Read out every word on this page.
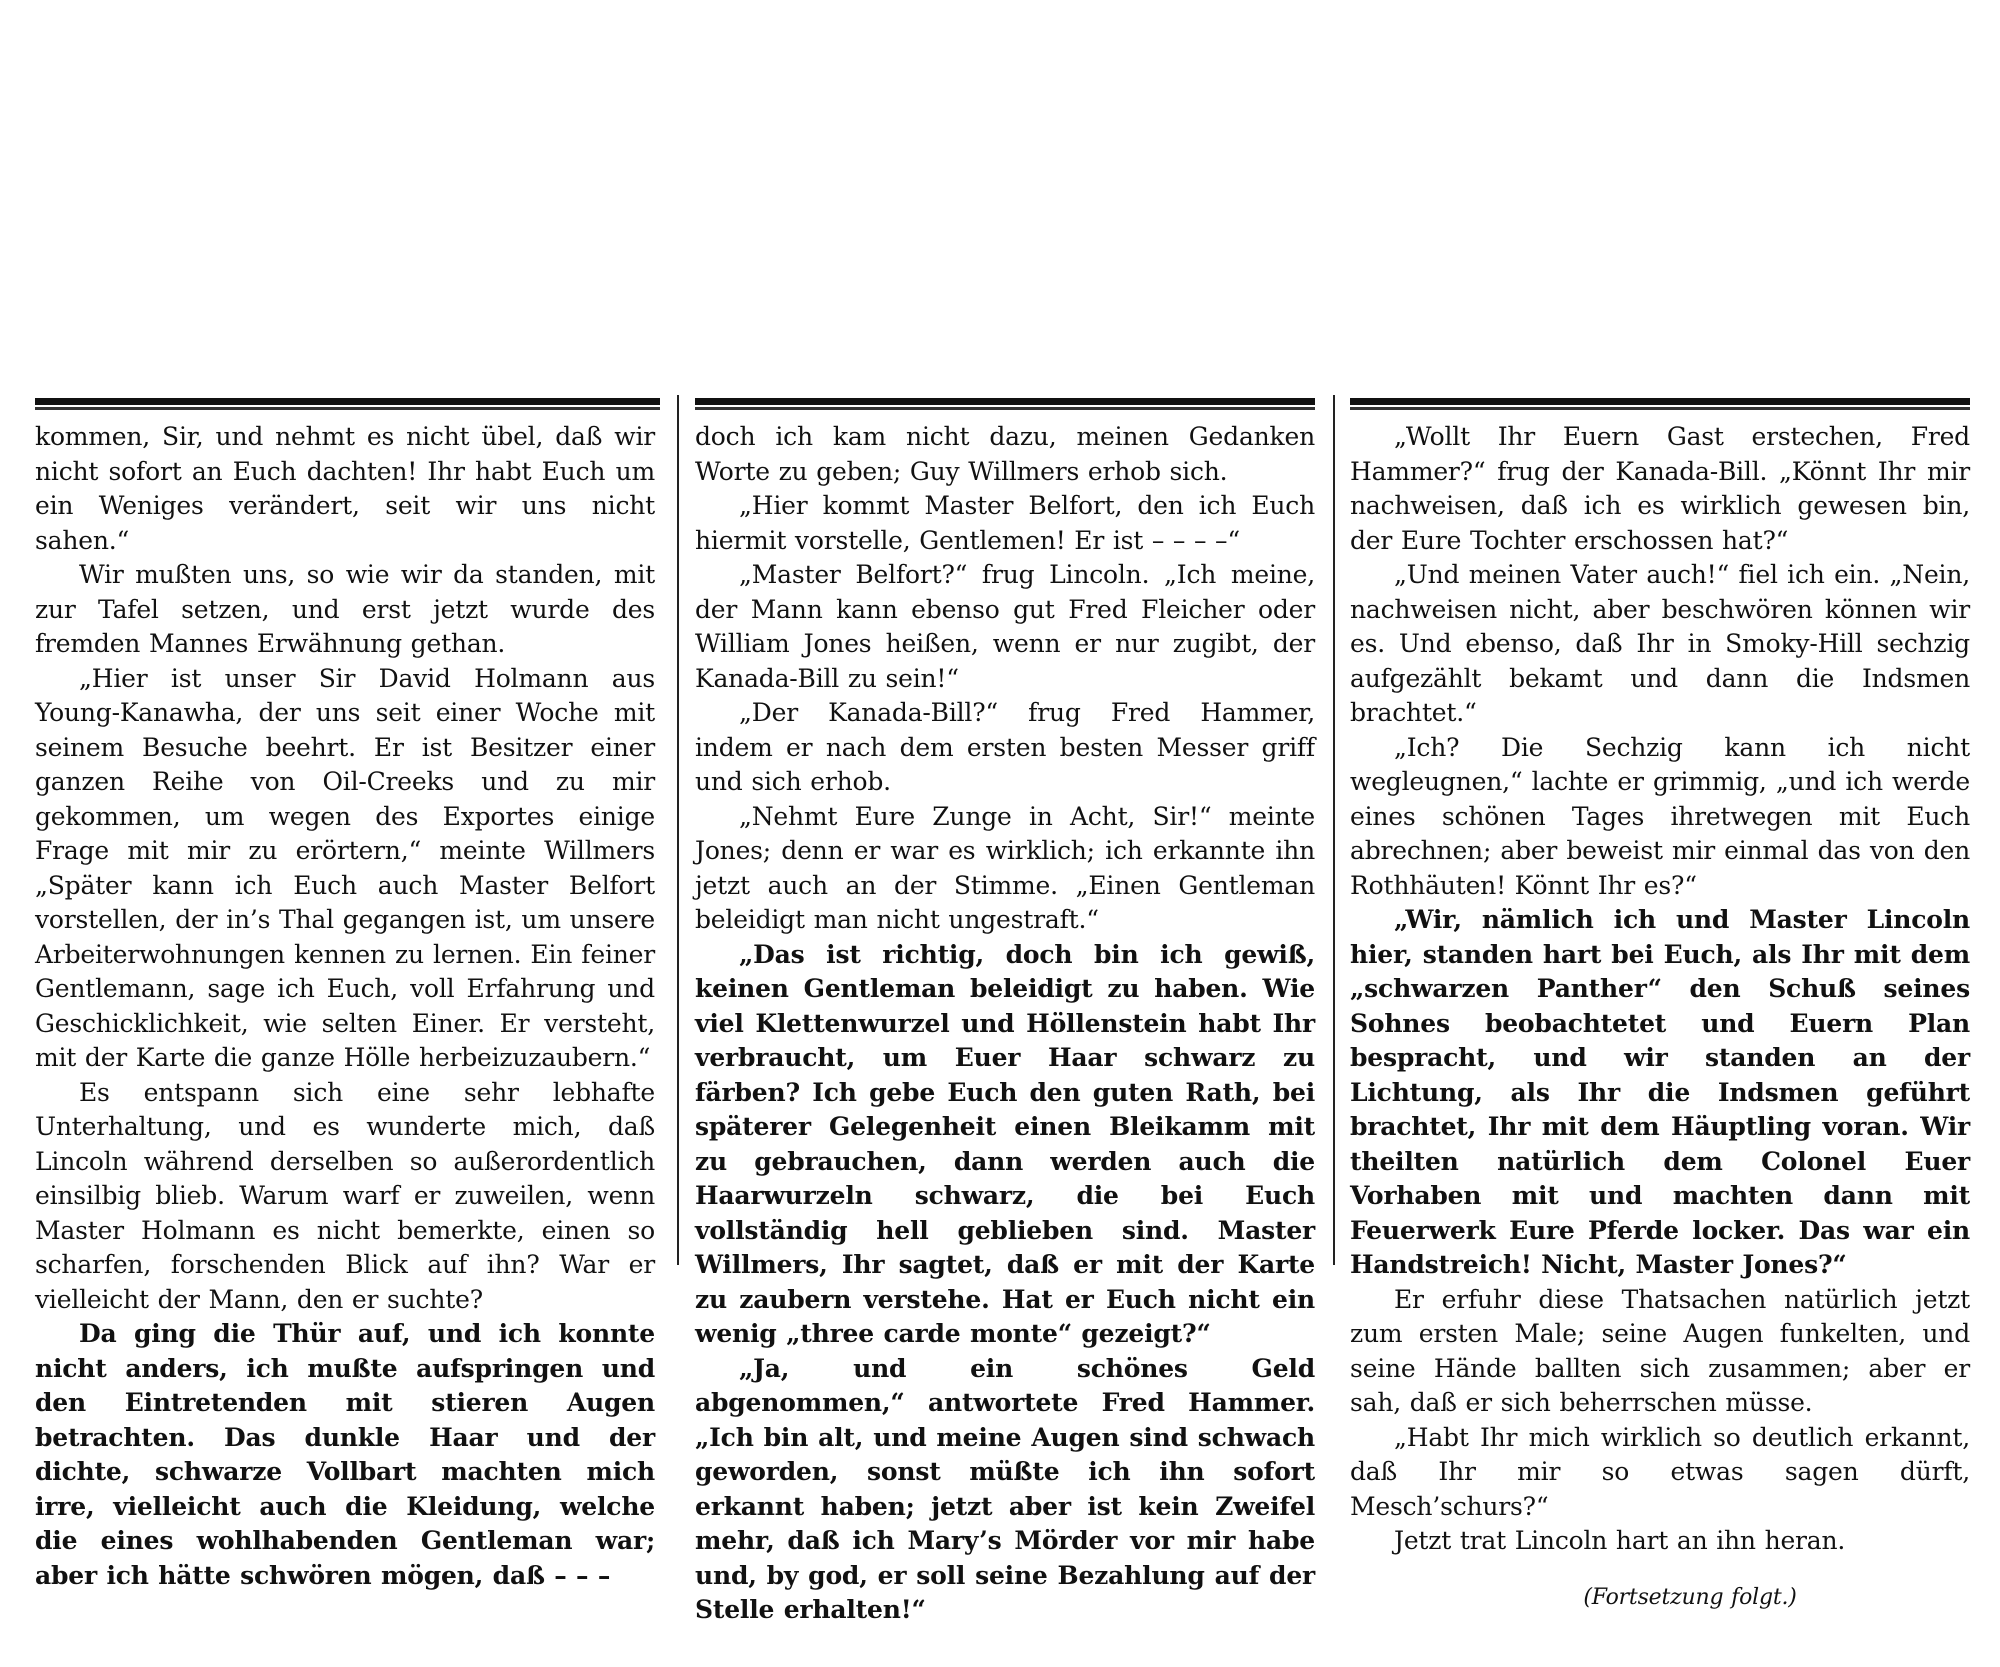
kommen, Sir, und nehmt es nicht übel, daß wir nicht sofort an Euch dachten! Ihr habt Euch um ein Weniges verändert, seit wir uns nicht sahen.“

Wir mußten uns, so wie wir da standen, mit zur Tafel setzen, und erst jetzt wurde des fremden Mannes Erwähnung gethan.

„Hier ist unser Sir David Holmann aus Young-Kanawha, der uns seit einer Woche mit seinem Besuche beehrt. Er ist Besitzer einer ganzen Reihe von Oil-Creeks und zu mir gekommen, um wegen des Exportes einige Frage mit mir zu erörtern,“ meinte Willmers „Später kann ich Euch auch Master Belfort vorstellen, der in’s Thal gegangen ist, um unsere Arbeiterwohnungen kennen zu lernen. Ein feiner Gentlemann, sage ich Euch, voll Erfahrung und Geschicklichkeit, wie selten Einer. Er versteht, mit der Karte die ganze Hölle herbeizuzaubern.“

Es entspann sich eine sehr lebhafte Unterhaltung, und es wunderte mich, daß Lincoln während derselben so außerordentlich einsilbig blieb. Warum warf er zuweilen, wenn Master Holmann es nicht bemerkte, einen so scharfen, forschenden Blick auf ihn? War er vielleicht der Mann, den er suchte?

Da ging die Thür auf, und ich konnte nicht anders, ich mußte aufspringen und den Eintretenden mit stieren Augen betrachten. Das dunkle Haar und der dichte, schwarze Vollbart machten mich irre, vielleicht auch die Kleidung, welche die eines wohlhabenden Gentleman war; aber ich hätte schwören mögen, daß – – –

doch ich kam nicht dazu, meinen Gedanken Worte zu geben; Guy Willmers erhob sich.

„Hier kommt Master Belfort, den ich Euch hiermit vorstelle, Gentlemen! Er ist – – – –“

„Master Belfort?“ frug Lincoln. „Ich meine, der Mann kann ebenso gut Fred Fleicher oder William Jones heißen, wenn er nur zugibt, der Kanada-Bill zu sein!“

„Der Kanada-Bill?“ frug Fred Hammer, indem er nach dem ersten besten Messer griff und sich erhob.

„Nehmt Eure Zunge in Acht, Sir!“ meinte Jones; denn er war es wirklich; ich erkannte ihn jetzt auch an der Stimme. „Einen Gentleman beleidigt man nicht ungestraft.“

„Das ist richtig, doch bin ich gewiß, keinen Gentleman beleidigt zu haben. Wie viel Klettenwurzel und Höllenstein habt Ihr verbraucht, um Euer Haar schwarz zu färben? Ich gebe Euch den guten Rath, bei späterer Gelegenheit einen Bleikamm mit zu gebrauchen, dann werden auch die Haarwurzeln schwarz, die bei Euch vollständig hell geblieben sind. Master Willmers, Ihr sagtet, daß er mit der Karte zu zaubern verstehe. Hat er Euch nicht ein wenig „three carde monte“ gezeigt?“

„Ja, und ein schönes Geld abgenommen,“ antwortete Fred Hammer. „Ich bin alt, und meine Augen sind schwach geworden, sonst müßte ich ihn sofort erkannt haben; jetzt aber ist kein Zweifel mehr, daß ich Mary’s Mörder vor mir habe und, by god, er soll seine Bezahlung auf der Stelle erhalten!“

„Wollt Ihr Euern Gast erstechen, Fred Hammer?“ frug der Kanada-Bill. „Könnt Ihr mir nachweisen, daß ich es wirklich gewesen bin, der Eure Tochter erschossen hat?“

„Und meinen Vater auch!“ fiel ich ein. „Nein, nachweisen nicht, aber beschwören können wir es. Und ebenso, daß Ihr in Smoky-Hill sechzig aufgezählt bekamt und dann die Indsmen brachtet.“

„Ich? Die Sechzig kann ich nicht wegleugnen,“ lachte er grimmig, „und ich werde eines schönen Tages ihretwegen mit Euch abrechnen; aber beweist mir einmal das von den Rothhäuten! Könnt Ihr es?“

„Wir, nämlich ich und Master Lincoln hier, standen hart bei Euch, als Ihr mit dem „schwarzen Panther“ den Schuß seines Sohnes beobachtetet und Euern Plan bespracht, und wir standen an der Lichtung, als Ihr die Indsmen geführt brachtet, Ihr mit dem Häuptling voran. Wir theilten natürlich dem Colonel Euer Vorhaben mit und machten dann mit Feuerwerk Eure Pferde locker. Das war ein Handstreich! Nicht, Master Jones?“

Er erfuhr diese Thatsachen natürlich jetzt zum ersten Male; seine Augen funkelten, und seine Hände ballten sich zusammen; aber er sah, daß er sich beherrschen müsse.

„Habt Ihr mich wirklich so deutlich erkannt, daß Ihr mir so etwas sagen dürft, Mesch’schurs?“

Jetzt trat Lincoln hart an ihn heran.

(Fortsetzung folgt.)
